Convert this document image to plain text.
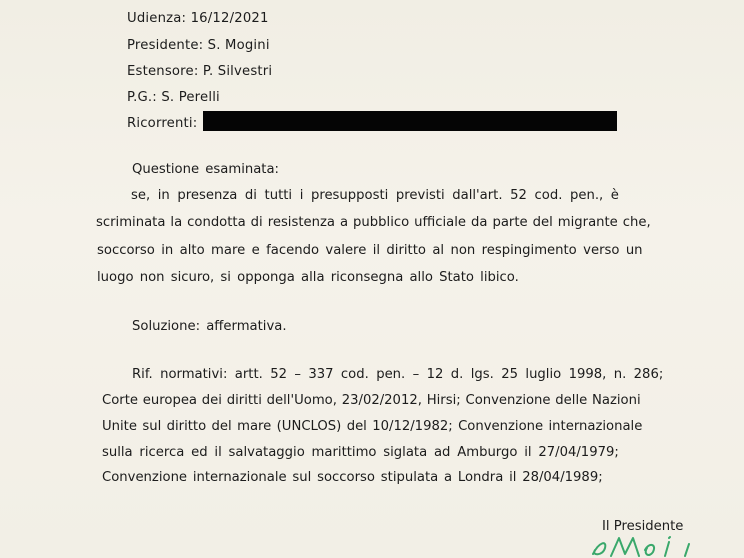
Udienza: 16/12/2021
Presidente: S. Mogini
Estensore: P. Silvestri
P.G.: S. Perelli
Ricorrenti:
Questione esaminata:
se, in presenza di tutti i presupposti previsti dall'art. 52 cod. pen., è
scriminata la condotta di resistenza a pubblico ufficiale da parte del migrante che,
soccorso in alto mare e facendo valere il diritto al non respingimento verso un
luogo non sicuro, si opponga alla riconsegna allo Stato libico.
Soluzione: affermativa.
Rif. normativi: artt. 52 – 337 cod. pen. – 12 d. lgs. 25 luglio 1998, n. 286;
Corte europea dei diritti dell'Uomo, 23/02/2012, Hirsi; Convenzione delle Nazioni
Unite sul diritto del mare (UNCLOS) del 10/12/1982; Convenzione internazionale
sulla ricerca ed il salvataggio marittimo siglata ad Amburgo il 27/04/1979;
Convenzione internazionale sul soccorso stipulata a Londra il 28/04/1989;
Il Presidente
